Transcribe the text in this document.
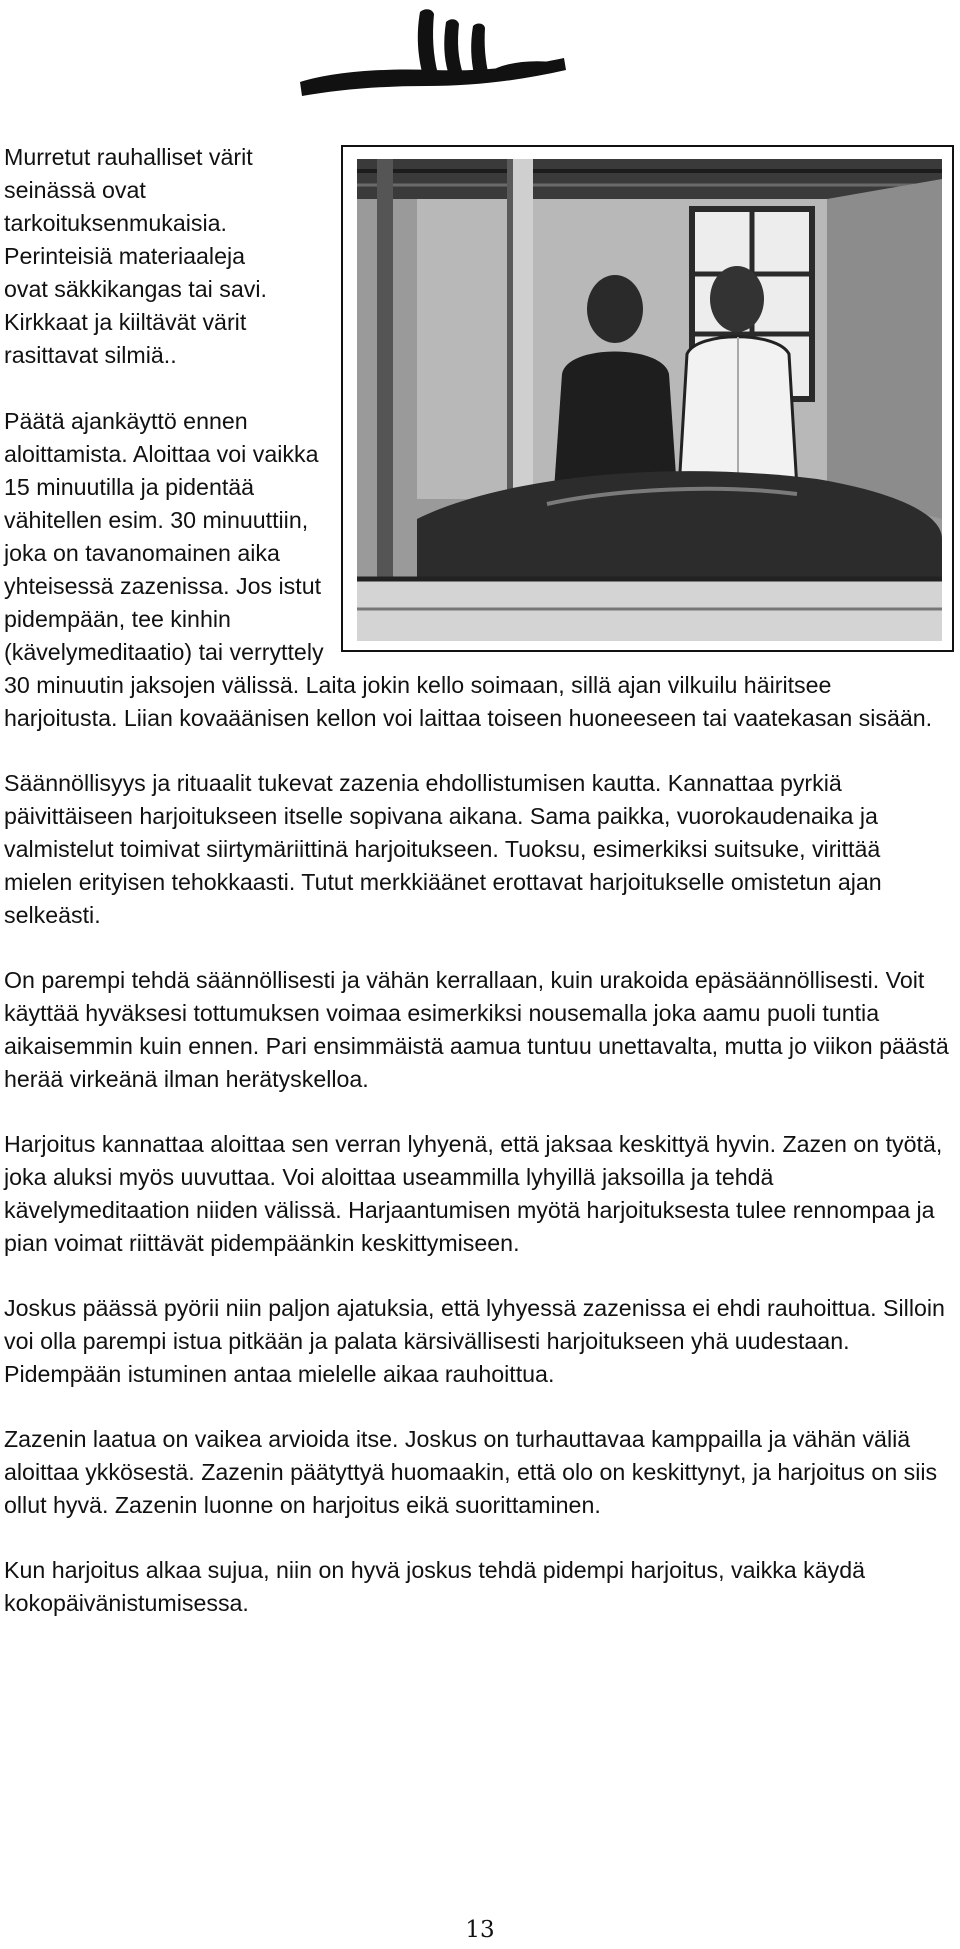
Murretut rauhalliset värit
seinässä ovat
tarkoituksenmukaisia.
Perinteisiä materiaaleja
ovat säkkikangas tai savi.
Kirkkaat ja kiiltävät värit
rasittavat silmiä..

Päätä ajankäyttö ennen aloittamista. Aloittaa voi vaikka 15 minuutilla ja pidentää vähitellen esim. 30 minuuttiin, joka on tavanomainen aika yhteisessä zazenissa. Jos istut pidempään, tee kinhin (kävelymeditaatio) tai verryttely 30 minuutin jaksojen välissä. Laita jokin kello soimaan, sillä ajan vilkuilu häiritsee harjoitusta. Liian kovaäänisen kellon voi laittaa toiseen huoneeseen tai vaatekasan sisään.

Säännöllisyys ja rituaalit tukevat zazenia ehdollistumisen kautta. Kannattaa pyrkiä päivittäiseen harjoitukseen itselle sopivana aikana. Sama paikka, vuorokaudenaika ja valmistelut toimivat siirtymäriittinä harjoitukseen. Tuoksu, esimerkiksi suitsuke, virittää mielen erityisen tehokkaasti. Tutut merkkiäänet erottavat harjoitukselle omistetun ajan selkeästi.

On parempi tehdä säännöllisesti ja vähän kerrallaan, kuin urakoida epäsäännöllisesti. Voit käyttää hyväksesi tottumuksen voimaa esimerkiksi nousemalla joka aamu puoli tuntia aikaisemmin kuin ennen. Pari ensimmäistä aamua tuntuu unettavalta, mutta jo viikon päästä herää virkeänä ilman herätyskelloa.

Harjoitus kannattaa aloittaa sen verran lyhyenä, että jaksaa keskittyä hyvin. Zazen on työtä, joka aluksi myös uuvuttaa. Voi aloittaa useammilla lyhyillä jaksoilla ja tehdä kävelymeditaation niiden välissä. Harjaantumisen myötä harjoituksesta tulee rennompaa ja pian voimat riittävät pidempäänkin keskittymiseen.

Joskus päässä pyörii niin paljon ajatuksia, että lyhyessä zazenissa ei ehdi rauhoittua. Silloin voi olla parempi istua pitkään ja palata kärsivällisesti harjoitukseen yhä uudestaan. Pidempään istuminen antaa mielelle aikaa rauhoittua.

Zazenin laatua on vaikea arvioida itse. Joskus on turhauttavaa kamppailla ja vähän väliä aloittaa ykkösestä. Zazenin päätyttyä huomaakin, että olo on keskittynyt, ja harjoitus on siis ollut hyvä. Zazenin luonne on harjoitus eikä suorittaminen.

Kun harjoitus alkaa sujua, niin on hyvä joskus tehdä pidempi harjoitus, vaikka käydä kokopäivänistumisessa.

13
